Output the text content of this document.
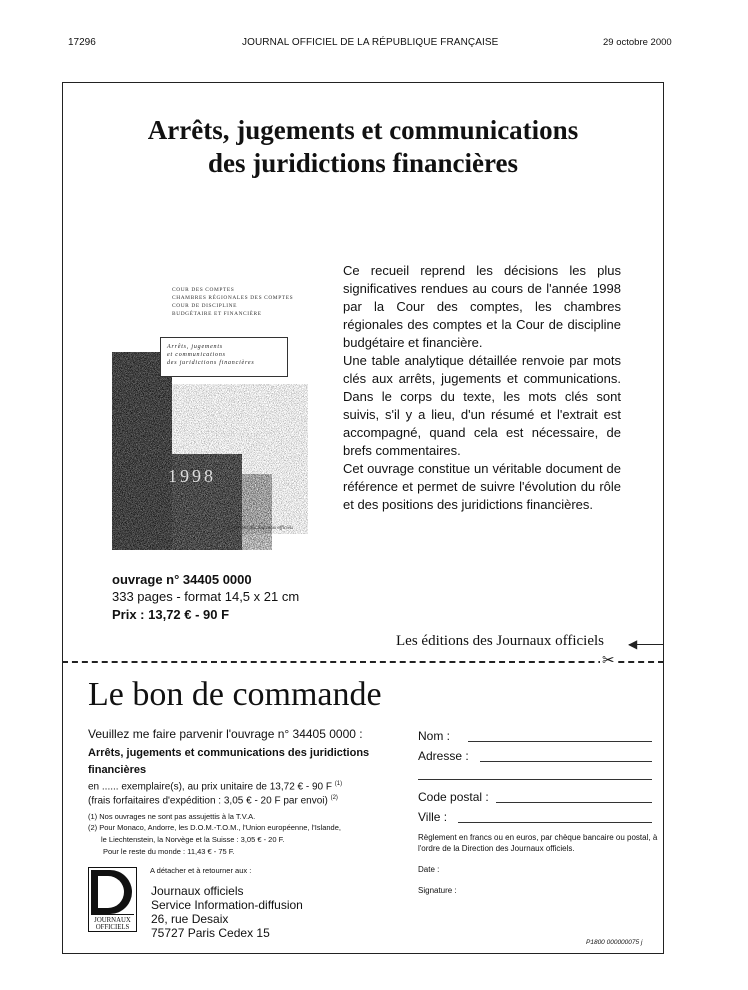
17296	JOURNAL OFFICIEL DE LA RÉPUBLIQUE FRANÇAISE	29 octobre 2000
Arrêts, jugements et communications
des juridictions financières
COUR DES COMPTES
CHAMBRES RÉGIONALES DES COMPTES
COUR DE DISCIPLINE
BUDGÉTAIRE ET FINANCIÈRE
Arrêts, jugements
et communications
des juridictions financières
1998
Les éditions des Journaux officiels

Ce recueil reprend les décisions les plus significatives rendues au cours de l'année 1998 par la Cour des comptes, les chambres régionales des comptes et la Cour de discipline budgétaire et financière.

Une table analytique détaillée renvoie par mots clés aux arrêts, jugements et communications. Dans le corps du texte, les mots clés sont suivis, s'il y a lieu, d'un résumé et l'extrait est accompagné, quand cela est nécessaire, de brefs commentaires.

Cet ouvrage constitue un véritable document de référence et permet de suivre l'évolution du rôle et des positions des juridictions financières.

ouvrage n° 34405 0000
333 pages - format 14,5 x 21 cm
Prix : 13,72 € - 90 F
Les éditions des Journaux officiels ◀
✂
Le bon de commande
Veuillez me faire parvenir l'ouvrage n° 34405 0000 :
Arrêts, jugements et communications des juridictions financières
en ...... exemplaire(s), au prix unitaire de 13,72 € - 90 F $^{(1)}$
(frais forfaitaires d'expédition : 3,05 € - 20 F par envoi) $^{(2)}$
(1) Nos ouvrages ne sont pas assujettis à la T.V.A.
(2) Pour Monaco, Andorre, les D.O.M.-T.O.M., l'Union européenne, l'Islande,
le Liechtenstein, la Norvège et la Suisse : 3,05 € - 20 F.
Pour le reste du monde : 11,43 € - 75 F.
A détacher et à retourner aux :
JOURNAUX
OFFICIELS
Journaux officiels
Service Information-diffusion
26, rue Desaix
75727 Paris Cedex 15
Nom :
Adresse :
Code postal :
Ville :
Règlement en francs ou en euros, par chèque bancaire ou postal, à l'ordre de la Direction des Journaux officiels.
Date :
Signature :
P1800 000000075 j
